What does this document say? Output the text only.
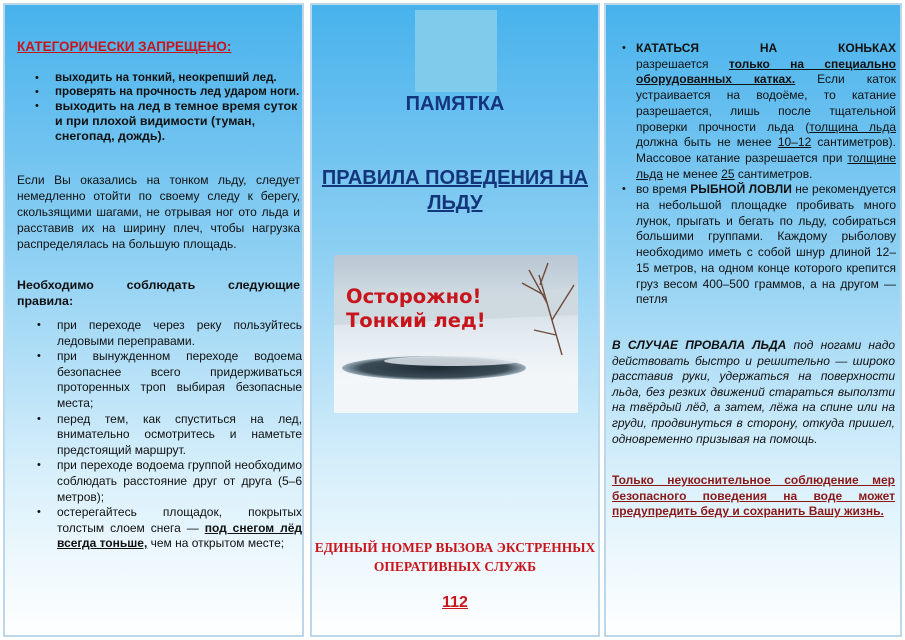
КАТЕГОРИЧЕСКИ ЗАПРЕЩЕНО:

• выходить на тонкий, неокрепший лед.
• проверять на прочность лед ударом ноги.
• выходить на лед в темное время суток и при плохой видимости (туман, снегопад, дождь).

Если Вы оказались на тонком льду, следует немедленно отойти по своему следу к берегу, скользящими шагами, не отрывая ног ото льда и расставив их на ширину плеч, чтобы нагрузка распределялась на большую площадь.

Необходимо соблюдать следующие правила:

• при переходе через реку пользуйтесь ледовыми переправами.
• при вынужденном переходе водоема безопаснее всего придерживаться проторенных троп выбирая безопасные места;
• перед тем, как спуститься на лед, внимательно осмотритесь и наметьте предстоящий маршрут.
• при переходе водоема группой необходимо соблюдать расстояние друг от друга (5–6 метров);
• остерегайтесь площадок, покрытых толстым слоем снега — под снегом лёд всегда тоньше, чем на открытом месте;

ПАМЯТКА

ПРАВИЛА ПОВЕДЕНИЯ НА ЛЬДУ

Осторожно!
Тонкий лед!

ЕДИНЫЙ НОМЕР ВЫЗОВА ЭКСТРЕННЫХ ОПЕРАТИВНЫХ СЛУЖБ

112

• КАТАТЬСЯ	НА	КОНЬКАХ
разрешается только на специально оборудованных катках. Если каток устраивается на водоёме, то катание разрешается, лишь после тщательной проверки прочности льда (толщина льда должна быть не менее 10–12 сантиметров). Массовое катание разрешается при толщине льда не менее 25 сантиметров.
• во время РЫБНОЙ ЛОВЛИ не рекомендуется на небольшой площадке пробивать много лунок, прыгать и бегать по льду, собираться большими группами. Каждому рыболову необходимо иметь с собой шнур длиной 12–15 метров, на одном конце которого крепится груз весом 400–500 граммов, а на другом — петля

В СЛУЧАЕ ПРОВАЛА ЛЬДА под ногами надо действовать быстро и решительно — широко расставив руки, удержаться на поверхности льда, без резких движений стараться выползти на твёрдый лёд, а затем, лёжа на спине или на груди, продвинуться в сторону, откуда пришел, одновременно призывая на помощь.

Только неукоснительное соблюдение мер безопасного поведения на воде может предупредить беду и сохранить Вашу жизнь.
